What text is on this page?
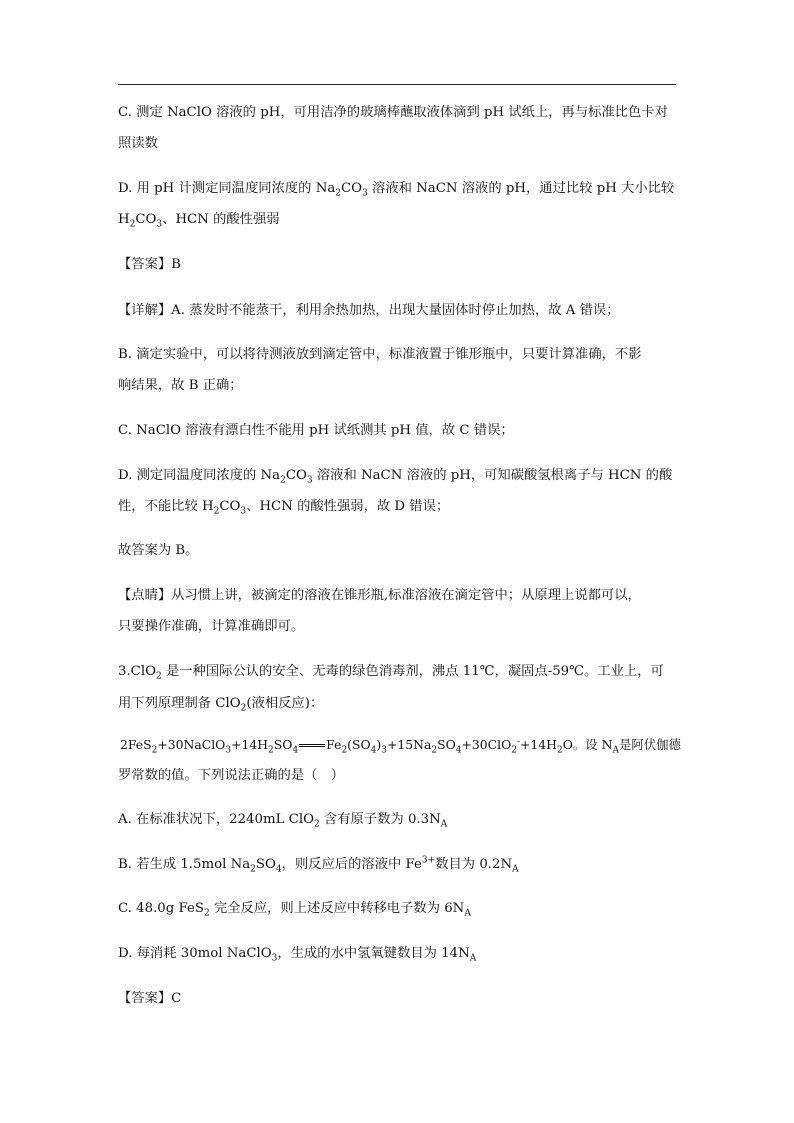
C. 测定 NaClO 溶液的 pH，可用洁净的玻璃棒蘸取液体滴到 pH 试纸上，再与标准比色卡对
照读数
D. 用 pH 计测定同温度同浓度的 $Na_2CO_3$ 溶液和 NaCN 溶液的 pH，通过比较 pH 大小比较
$H_2CO_3$、HCN 的酸性强弱
【答案】B
【详解】A. 蒸发时不能蒸干，利用余热加热，出现大量固体时停止加热，故 A 错误；
B. 滴定实验中，可以将待测液放到滴定管中，标准液置于锥形瓶中，只要计算准确，不影
响结果，故 B 正确；
C. NaClO 溶液有漂白性不能用 pH 试纸测其 pH 值，故 C 错误；
D. 测定同温度同浓度的 $Na_2CO_3$ 溶液和 NaCN 溶液的 pH，可知碳酸氢根离子与 HCN 的酸
性，不能比较 $H_2CO_3$、HCN 的酸性强弱，故 D 错误；
故答案为 B。
【点睛】从习惯上讲，被滴定的溶液在锥形瓶,标准溶液在滴定管中；从原理上说都可以，
只要操作准确，计算准确即可。
3.ClO$_2$ 是一种国际公认的安全、无毒的绿色消毒剂，沸点 11℃，凝固点-59℃。工业上，可
用下列原理制备 ClO$_2$(液相反应)：
$2FeS_2+30NaClO_3+14H_2SO_4$ $Fe_2(SO_4)_3+15Na_2SO_4+30ClO_2^-+14H_2O$。设 $N_A$是阿伏伽德
罗常数的值。下列说法正确的是（　）
A. 在标准状况下，2240mL ClO$_2$ 含有原子数为 $0.3N_A$
B. 若生成 1.5mol $Na_2SO_4$，则反应后的溶液中 $Fe^{3+}$数目为 $0.2N_A$
C. 48.0g FeS$_2$ 完全反应，则上述反应中转移电子数为 $6N_A$
D. 每消耗 30mol NaClO$_3$，生成的水中氢氧键数目为 $14N_A$
【答案】C
